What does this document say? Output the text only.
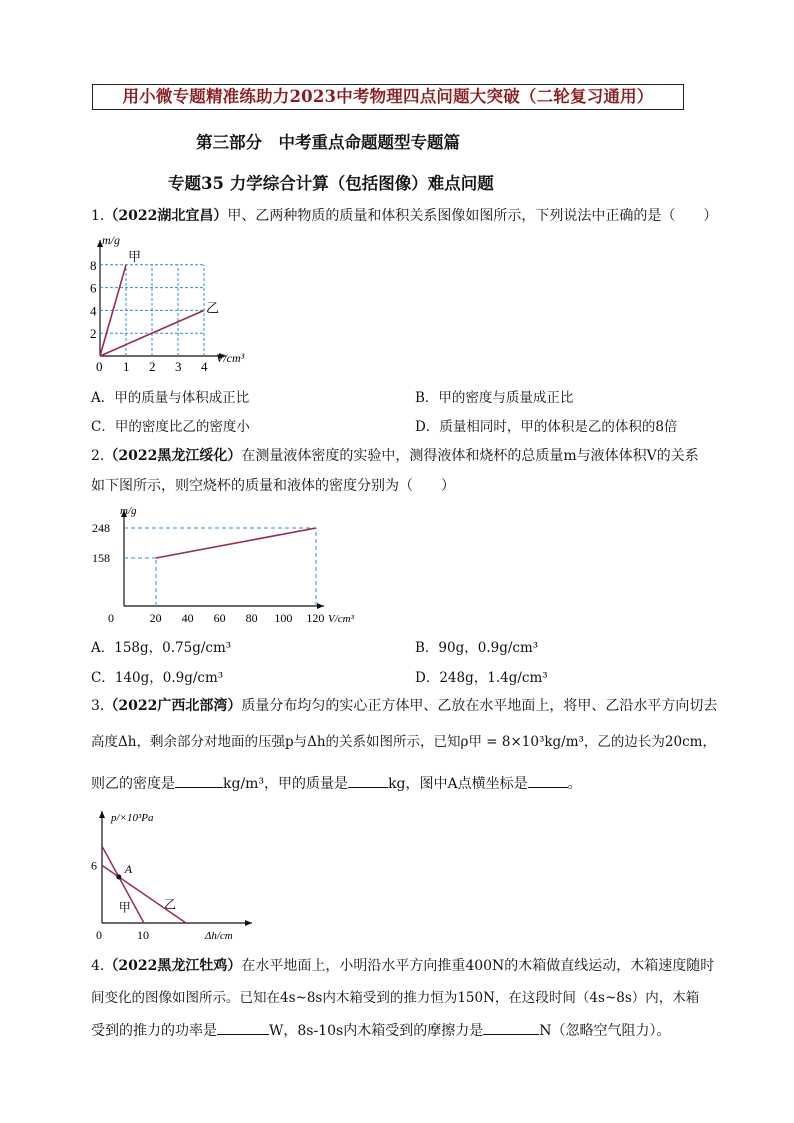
用小微专题精准练助力2023中考物理四点问题大突破（二轮复习通用）
第三部分　中考重点命题题型专题篇
专题35 力学综合计算（包括图像）难点问题
1.（2022湖北宜昌）甲、乙两种物质的质量和体积关系图像如图所示，下列说法中正确的是（　　）
0 1 2 3 4
2
4
6
8
m/g
V/cm³
甲
乙
A．甲的质量与体积成正比	B．甲的密度与质量成正比
C．甲的密度比乙的密度小	D．质量相同时，甲的体积是乙的体积的8倍
2.（2022黑龙江绥化）在测量液体密度的实验中，测得液体和烧杯的总质量m与液体体积V的关系
如下图所示，则空烧杯的质量和液体的密度分别为（　　）
0	20 40 60 80 100 120
158
248
m/g
V/cm³
A．158g，0.75g/cm³	B．90g，0.9g/cm³
C．140g，0.9g/cm³	D．248g，1.4g/cm³
3.（2022广西北部湾）质量分布均匀的实心正方体甲、乙放在水平地面上，将甲、乙沿水平方向切去
高度Δh，剩余部分对地面的压强p与Δh的关系如图所示，已知ρ甲 = 8×10³kg/m³，乙的边长为20cm，
则乙的密度是	kg/m³，甲的质量是	kg，图中A点横坐标是	。
A
甲	乙
0	10
6
p/×10³Pa
Δh/cm
4.（2022黑龙江牡鸡）在水平地面上，小明沿水平方向推重400N的木箱做直线运动，木箱速度随时
间变化的图像如图所示。已知在4s~8s内木箱受到的推力恒为150N，在这段时间（4s~8s）内，木箱
受到的推力的功率是	W，8s-10s内木箱受到的摩擦力是	N（忽略空气阻力）。
